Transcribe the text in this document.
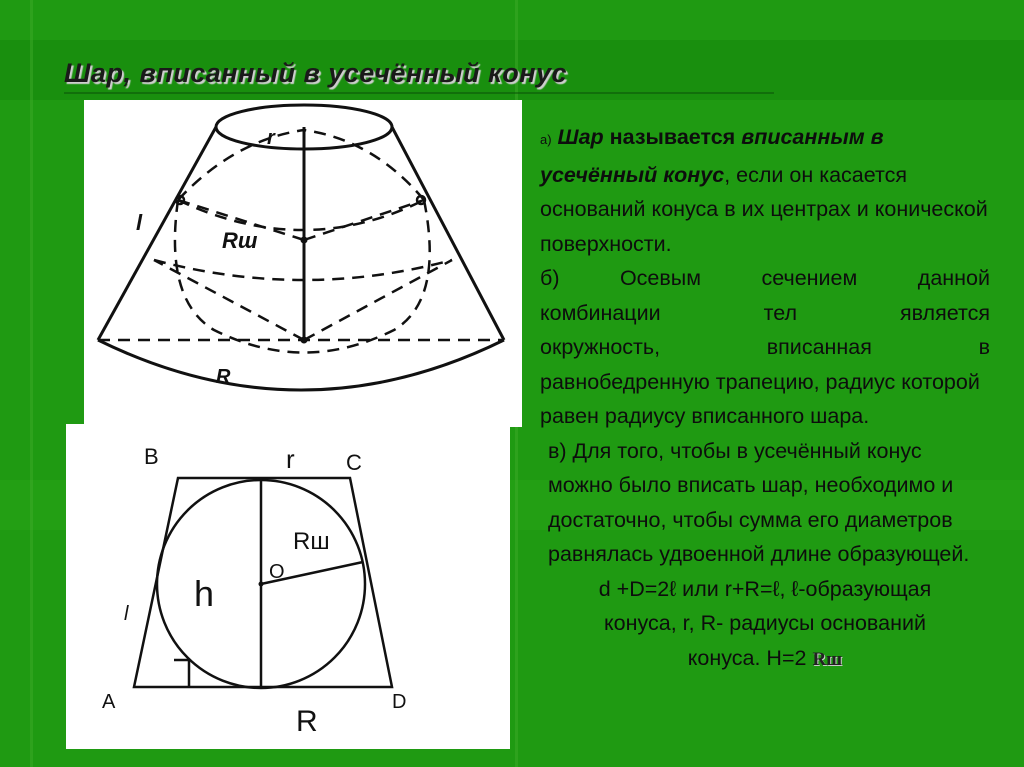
Шар, вписанный в усечённый конус
r
l
Rш
R
B	C
r
A	D
R
h
l
O
Rш

а) Шар называется вписанным в усечённый конус, если он касается оснований конуса в их центрах и конической поверхности.

б) Осевым сечением данной

комбинации тел является

окружность, вписанная в

равнобедренную трапецию, радиус которой равен радиусу вписанного шара.

в) Для того, чтобы в усечённый конус можно было вписать шар, необходимо и достаточно, чтобы сумма его диаметров равнялась удвоенной длине образующей.

d +D=2ℓ или r+R=ℓ, ℓ-образующая

конуса, r, R- радиусы оснований

конуса. H=2 Rш
